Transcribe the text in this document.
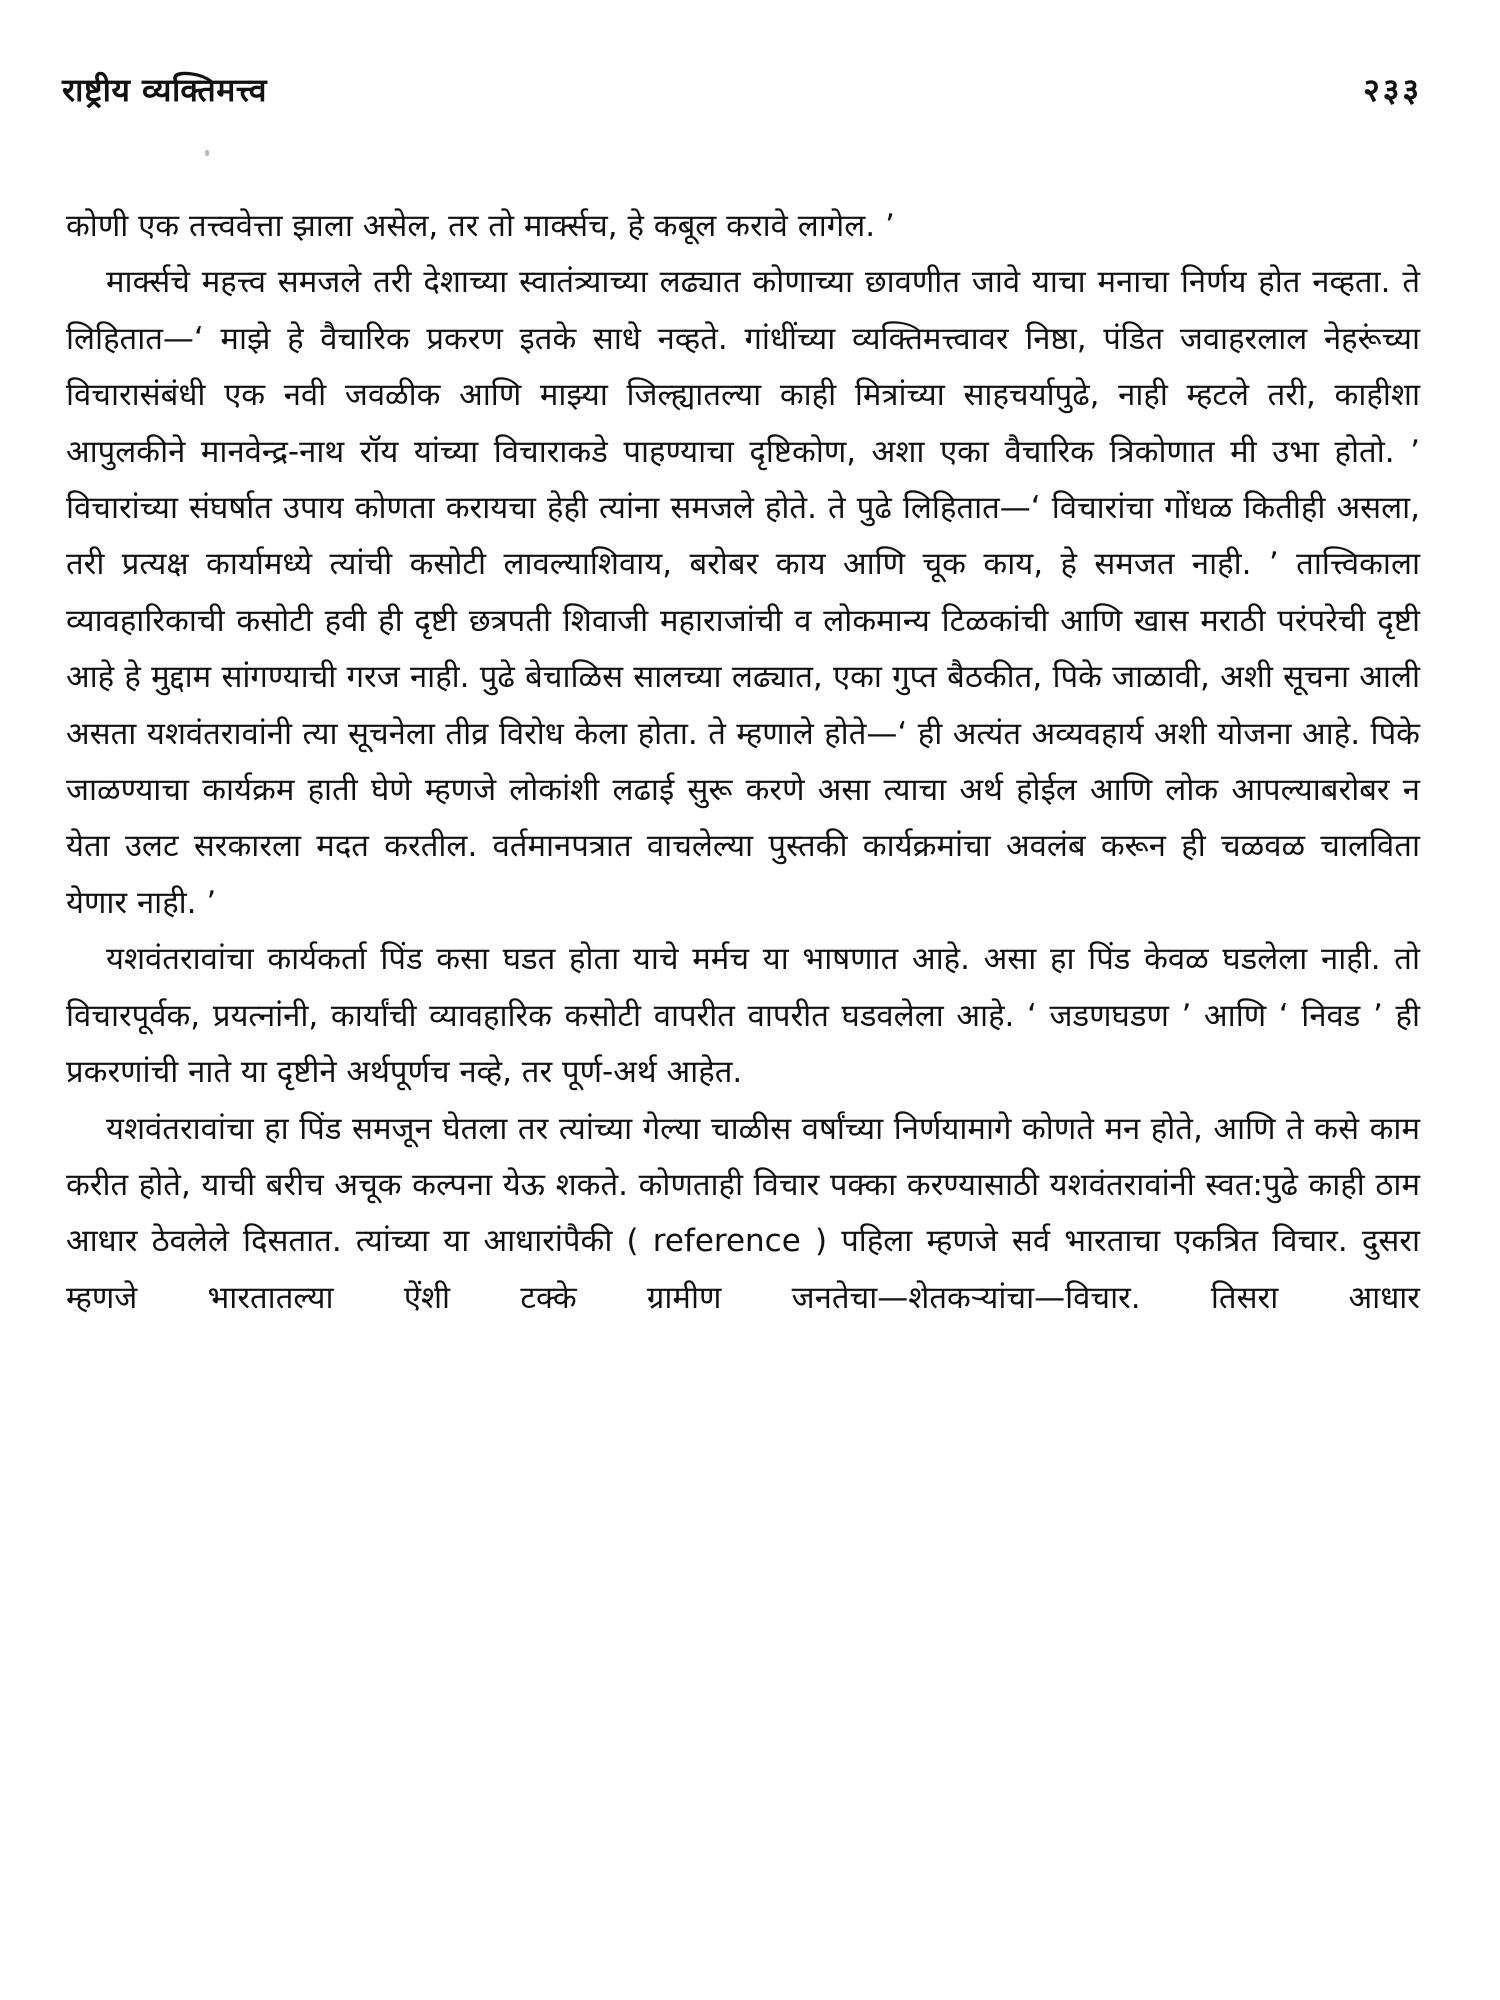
राष्ट्रीय व्यक्तिमत्त्व	२३३

कोणी एक तत्त्ववेत्ता झाला असेल, तर तो मार्क्सच, हे कबूल करावे लागेल. ’

मार्क्सचे महत्त्व समजले तरी देशाच्या स्वातंत्र्याच्या लढ्यात कोणाच्या छावणीत जावे याचा मनाचा निर्णय होत नव्हता. ते लिहितात—‘ माझे हे वैचारिक प्रकरण इतके साधे नव्हते. गांधींच्या व्यक्तिमत्त्वावर निष्ठा, पंडित जवाहरलाल नेहरूंच्या विचारासंबंधी एक नवी जवळीक आणि माझ्या जिल्ह्यातल्या काही मित्रांच्या साहचर्यापुढे, नाही म्हटले तरी, काहीशा आपुलकीने मानवेन्द्र-नाथ रॉय यांच्या विचाराकडे पाहण्याचा दृष्टिकोण, अशा एका वैचारिक त्रिकोणात मी उभा होतो. ’ विचारांच्या संघर्षात उपाय कोणता करायचा हेही त्यांना समजले होते. ते पुढे लिहितात—‘ विचारांचा गोंधळ कितीही असला, तरी प्रत्यक्ष कार्यामध्ये त्यांची कसोटी लावल्याशिवाय, बरोबर काय आणि चूक काय, हे समजत नाही. ’ तात्त्विकाला व्यावहारिकाची कसोटी हवी ही दृष्टी छत्रपती शिवाजी महाराजांची व लोकमान्य टिळकांची आणि खास मराठी परंपरेची दृष्टी आहे हे मुद्दाम सांगण्याची गरज नाही. पुढे बेचाळिस सालच्या लढ्यात, एका गुप्त बैठकीत, पिके जाळावी, अशी सूचना आली असता यशवंतरावांनी त्या सूचनेला तीव्र विरोध केला होता. ते म्हणाले होते—‘ ही अत्यंत अव्यवहार्य अशी योजना आहे. पिके जाळण्याचा कार्यक्रम हाती घेणे म्हणजे लोकांशी लढाई सुरू करणे असा त्याचा अर्थ होईल आणि लोक आपल्याबरोबर न येता उलट सरकारला मदत करतील. वर्तमानपत्रात वाचलेल्या पुस्तकी कार्यक्रमांचा अवलंब करून ही चळवळ चालविता येणार नाही. ’

यशवंतरावांचा कार्यकर्ता पिंड कसा घडत होता याचे मर्मच या भाषणात आहे. असा हा पिंड केवळ घडलेला नाही. तो विचारपूर्वक, प्रयत्नांनी, कार्यांची व्यावहारिक कसोटी वापरीत वापरीत घडवलेला आहे. ‘ जडणघडण ’ आणि ‘ निवड ’ ही प्रकरणांची नाते या दृष्टीने अर्थपूर्णच नव्हे, तर पूर्ण-अर्थ आहेत.

यशवंतरावांचा हा पिंड समजून घेतला तर त्यांच्या गेल्या चाळीस वर्षांच्या निर्णयामागे कोणते मन होते, आणि ते कसे काम करीत होते, याची बरीच अचूक कल्पना येऊ शकते. कोणताही विचार पक्का करण्यासाठी यशवंतरावांनी स्वत:पुढे काही ठाम आधार ठेवलेले दिसतात. त्यांच्या या आधारांपैकी ( reference ) पहिला म्हणजे सर्व भारताचा एकत्रित विचार. दुसरा म्हणजे भारतातल्या ऐंशी टक्के ग्रामीण जनतेचा—शेतकऱ्यांचा—विचार. तिसरा आधार
